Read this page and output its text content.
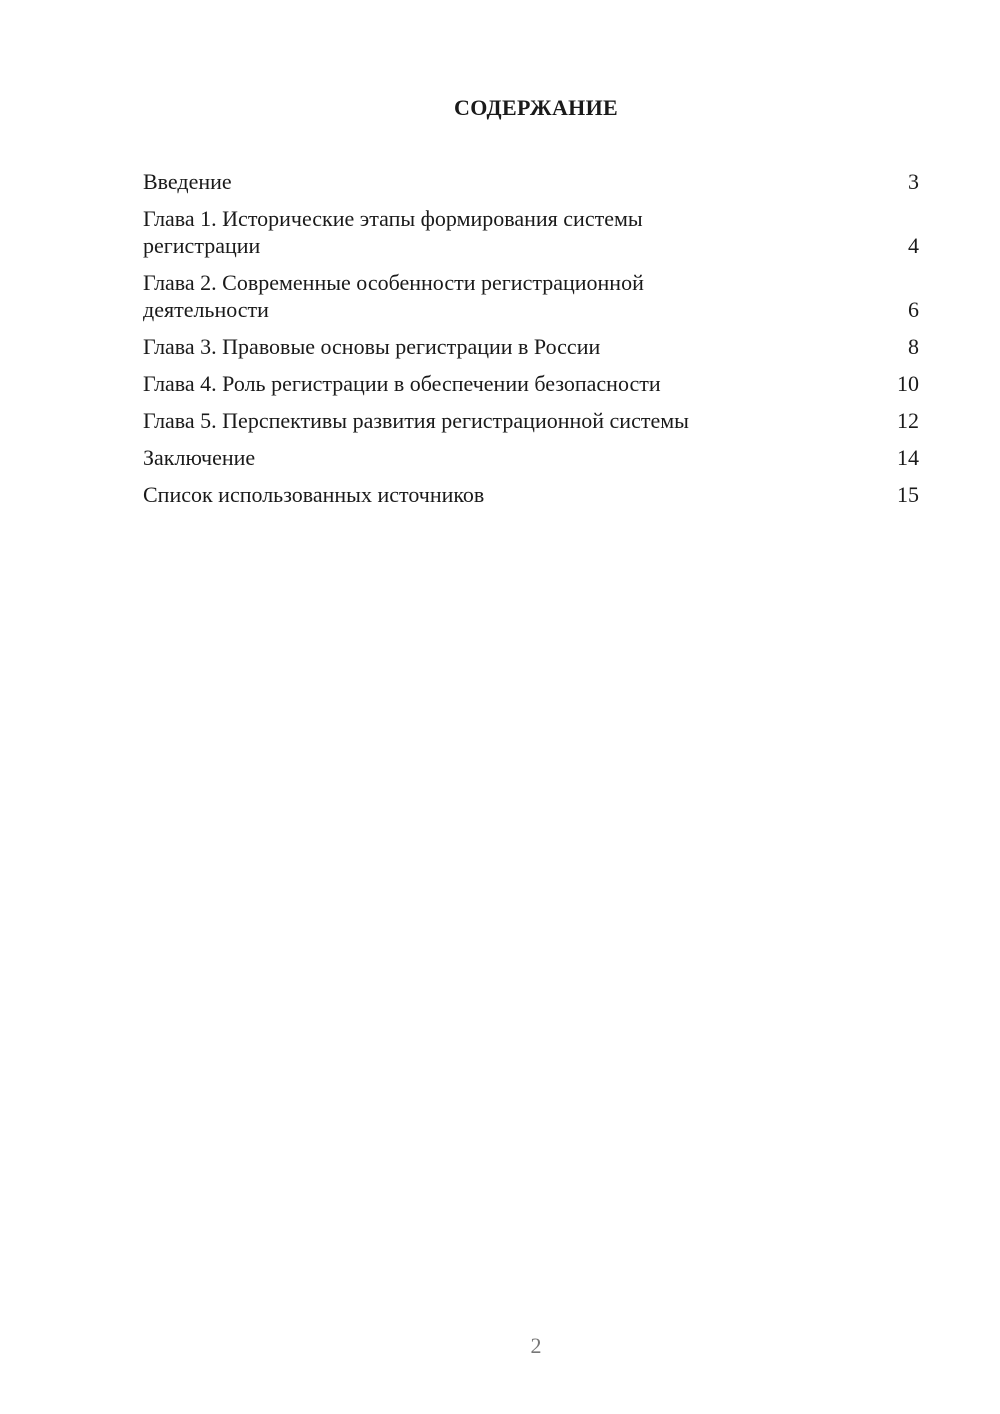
СОДЕРЖАНИЕ
Введение	3
Глава 1. Исторические этапы формирования системы
регистрации	4
Глава 2. Современные особенности регистрационной
деятельности	6
Глава 3. Правовые основы регистрации в России	8
Глава 4. Роль регистрации в обеспечении безопасности	10
Глава 5. Перспективы развития регистрационной системы	12
Заключение	14
Список использованных источников	15
2
